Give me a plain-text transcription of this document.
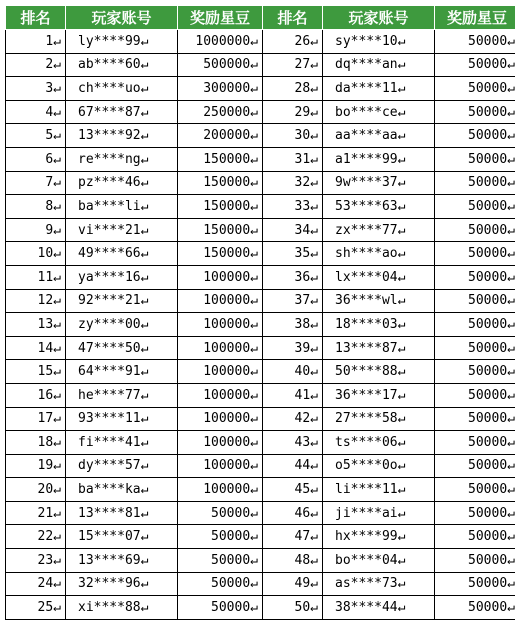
排名	玩家账号	奖励星豆	排名	玩家账号	奖励星豆
1↵	ly****99↵	1000000↵	26↵	sy****10↵	50000↵
2↵	ab****60↵	500000↵	27↵	dq****an↵	50000↵
3↵	ch****uo↵	300000↵	28↵	da****11↵	50000↵
4↵	67****87↵	250000↵	29↵	bo****ce↵	50000↵
5↵	13****92↵	200000↵	30↵	aa****aa↵	50000↵
6↵	re****ng↵	150000↵	31↵	a1****99↵	50000↵
7↵	pz****46↵	150000↵	32↵	9w****37↵	50000↵
8↵	ba****li↵	150000↵	33↵	53****63↵	50000↵
9↵	vi****21↵	150000↵	34↵	zx****77↵	50000↵
10↵	49****66↵	150000↵	35↵	sh****ao↵	50000↵
11↵	ya****16↵	100000↵	36↵	lx****04↵	50000↵
12↵	92****21↵	100000↵	37↵	36****wl↵	50000↵
13↵	zy****00↵	100000↵	38↵	18****03↵	50000↵
14↵	47****50↵	100000↵	39↵	13****87↵	50000↵
15↵	64****91↵	100000↵	40↵	50****88↵	50000↵
16↵	he****77↵	100000↵	41↵	36****17↵	50000↵
17↵	93****11↵	100000↵	42↵	27****58↵	50000↵
18↵	fi****41↵	100000↵	43↵	ts****06↵	50000↵
19↵	dy****57↵	100000↵	44↵	o5****0o↵	50000↵
20↵	ba****ka↵	100000↵	45↵	li****11↵	50000↵
21↵	13****81↵	50000↵	46↵	ji****ai↵	50000↵
22↵	15****07↵	50000↵	47↵	hx****99↵	50000↵
23↵	13****69↵	50000↵	48↵	bo****04↵	50000↵
24↵	32****96↵	50000↵	49↵	as****73↵	50000↵
25↵	xi****88↵	50000↵	50↵	38****44↵	50000↵
